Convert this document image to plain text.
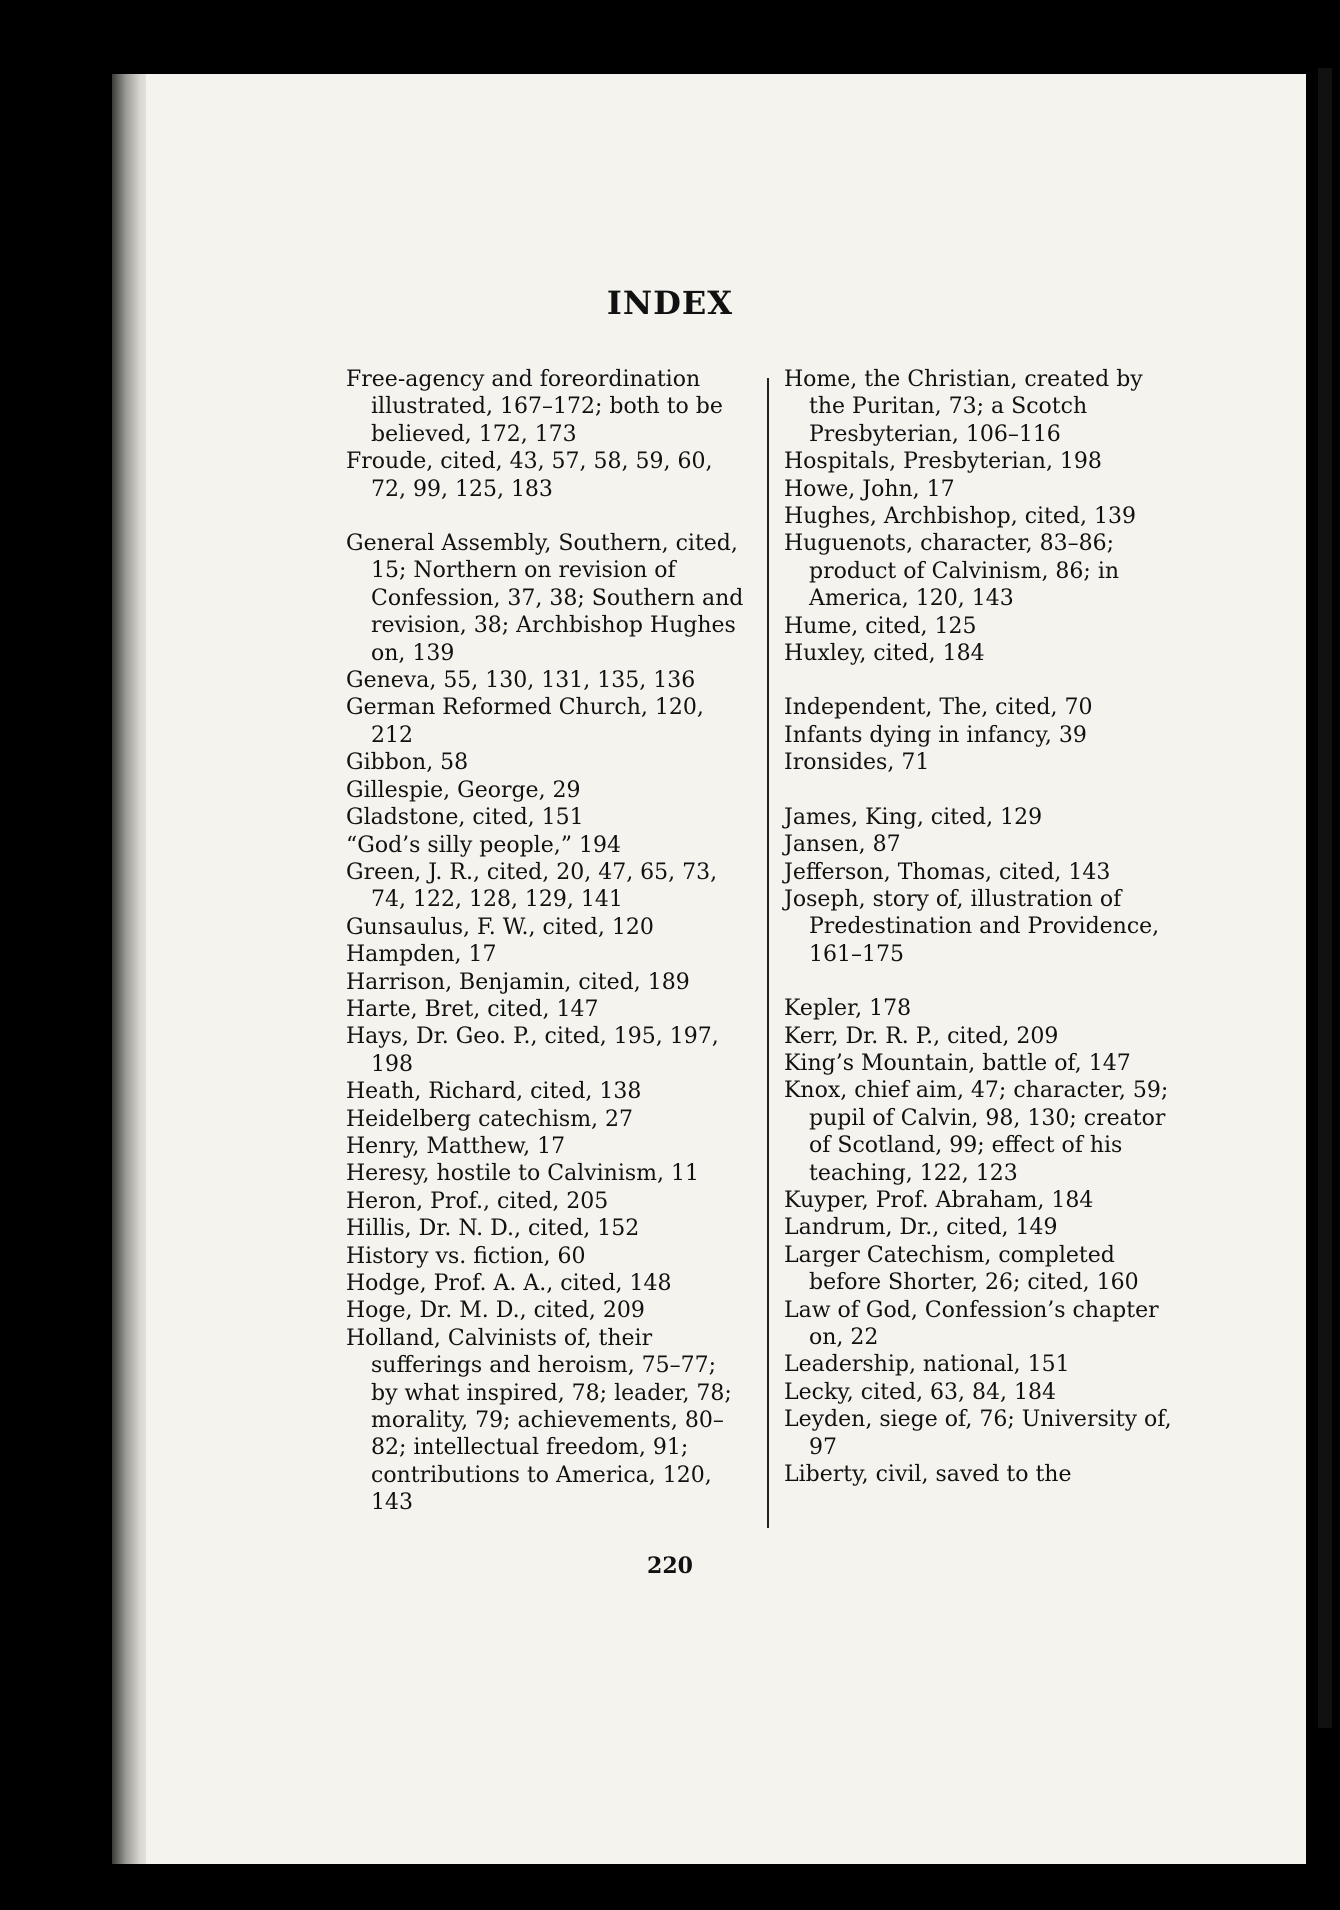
INDEX

Free-agency and foreordination illustrated, 167–172; both to be believed, 172, 173

Froude, cited, 43, 57, 58, 59, 60, 72, 99, 125, 183

General Assembly, Southern, cited, 15; Northern on revision of Confession, 37, 38; Southern and revision, 38; Archbishop Hughes on, 139

Geneva, 55, 130, 131, 135, 136

German Reformed Church, 120, 212

Gibbon, 58

Gillespie, George, 29

Gladstone, cited, 151

“God’s silly people,” 194

Green, J. R., cited, 20, 47, 65, 73, 74, 122, 128, 129, 141

Gunsaulus, F. W., cited, 120

Hampden, 17

Harrison, Benjamin, cited, 189

Harte, Bret, cited, 147

Hays, Dr. Geo. P., cited, 195, 197, 198

Heath, Richard, cited, 138

Heidelberg catechism, 27

Henry, Matthew, 17

Heresy, hostile to Calvinism, 11

Heron, Prof., cited, 205

Hillis, Dr. N. D., cited, 152

History vs. fiction, 60

Hodge, Prof. A. A., cited, 148

Hoge, Dr. M. D., cited, 209

Holland, Calvinists of, their sufferings and heroism, 75–77; by what inspired, 78; leader, 78; morality, 79; achievements, 80–82; intellectual freedom, 91; contributions to America, 120, 143

Home, the Christian, created by the Puritan, 73; a Scotch Presbyterian, 106–116

Hospitals, Presbyterian, 198

Howe, John, 17

Hughes, Archbishop, cited, 139

Huguenots, character, 83–86; product of Calvinism, 86; in America, 120, 143

Hume, cited, 125

Huxley, cited, 184

Independent, The, cited, 70

Infants dying in infancy, 39

Ironsides, 71

James, King, cited, 129

Jansen, 87

Jefferson, Thomas, cited, 143

Joseph, story of, illustration of Predestination and Providence, 161–175

Kepler, 178

Kerr, Dr. R. P., cited, 209

King’s Mountain, battle of, 147

Knox, chief aim, 47; character, 59; pupil of Calvin, 98, 130; creator of Scotland, 99; effect of his teaching, 122, 123

Kuyper, Prof. Abraham, 184

Landrum, Dr., cited, 149

Larger Catechism, completed before Shorter, 26; cited, 160

Law of God, Confession’s chapter on, 22

Leadership, national, 151

Lecky, cited, 63, 84, 184

Leyden, siege of, 76; University of, 97

Liberty, civil, saved to the

220
